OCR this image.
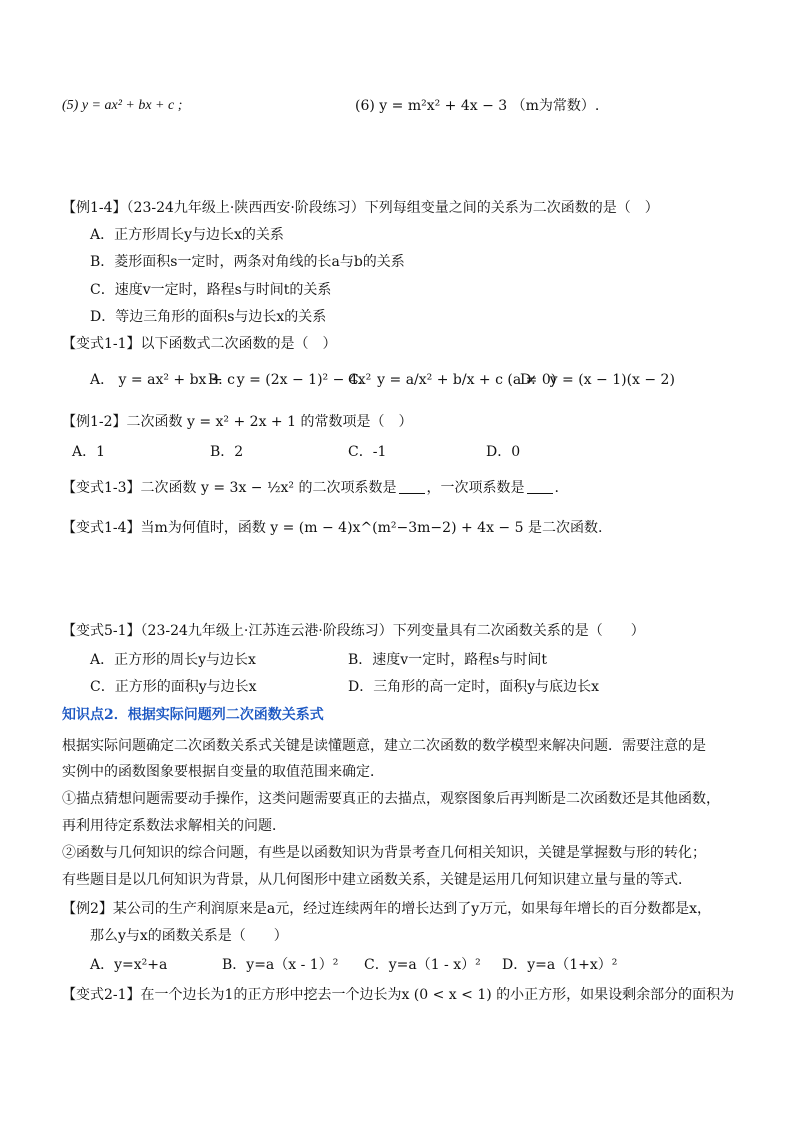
(5) y = ax² + bx + c ;	(6) y = m²x² + 4x − 3 （m为常数）.
【例1-4】（23-24九年级上·陕西西安·阶段练习）下列每组变量之间的关系为二次函数的是（　）
A．正方形周长y与边长x的关系
B．菱形面积s一定时，两条对角线的长a与b的关系
C．速度v一定时，路程s与时间t的关系
D．等边三角形的面积s与边长x的关系
【变式1-1】以下函数式二次函数的是（　）
A． y = ax² + bx + c
B． y = (2x − 1)² − 4x²
C． y = a/x² + b/x + c (a ≠ 0)
D． y = (x − 1)(x − 2)
【例1-2】二次函数 y = x² + 2x + 1 的常数项是（　）
A．1	B．2	C．-1	D．0
【变式1-3】二次函数 y = 3x − ½x² 的二次项系数是 ，一次项系数是 .
【变式1-4】当m为何值时，函数 y = (m − 4)x^(m²−3m−2) + 4x − 5 是二次函数.
【变式5-1】（23-24九年级上·江苏连云港·阶段练习）下列变量具有二次函数关系的是（　　）
A．正方形的周长y与边长x	B．速度v一定时，路程s与时间t
C．正方形的面积y与边长x	D．三角形的高一定时，面积y与底边长x
知识点2．根据实际问题列二次函数关系式
根据实际问题确定二次函数关系式关键是读懂题意，建立二次函数的数学模型来解决问题．需要注意的是
实例中的函数图象要根据自变量的取值范围来确定．
①描点猜想问题需要动手操作，这类问题需要真正的去描点，观察图象后再判断是二次函数还是其他函数，
再利用待定系数法求解相关的问题．
②函数与几何知识的综合问题，有些是以函数知识为背景考查几何相关知识，关键是掌握数与形的转化；
有些题目是以几何知识为背景，从几何图形中建立函数关系，关键是运用几何知识建立量与量的等式．
【例2】某公司的生产利润原来是a元，经过连续两年的增长达到了y万元，如果每年增长的百分数都是x，
那么y与x的函数关系是（　　）
A．y=x²+a	B．y=a（x - 1）² C．y=a（1 - x）² D．y=a（1+x）²
【变式2-1】在一个边长为1的正方形中挖去一个边长为x (0 < x < 1) 的小正方形，如果设剩余部分的面积为
